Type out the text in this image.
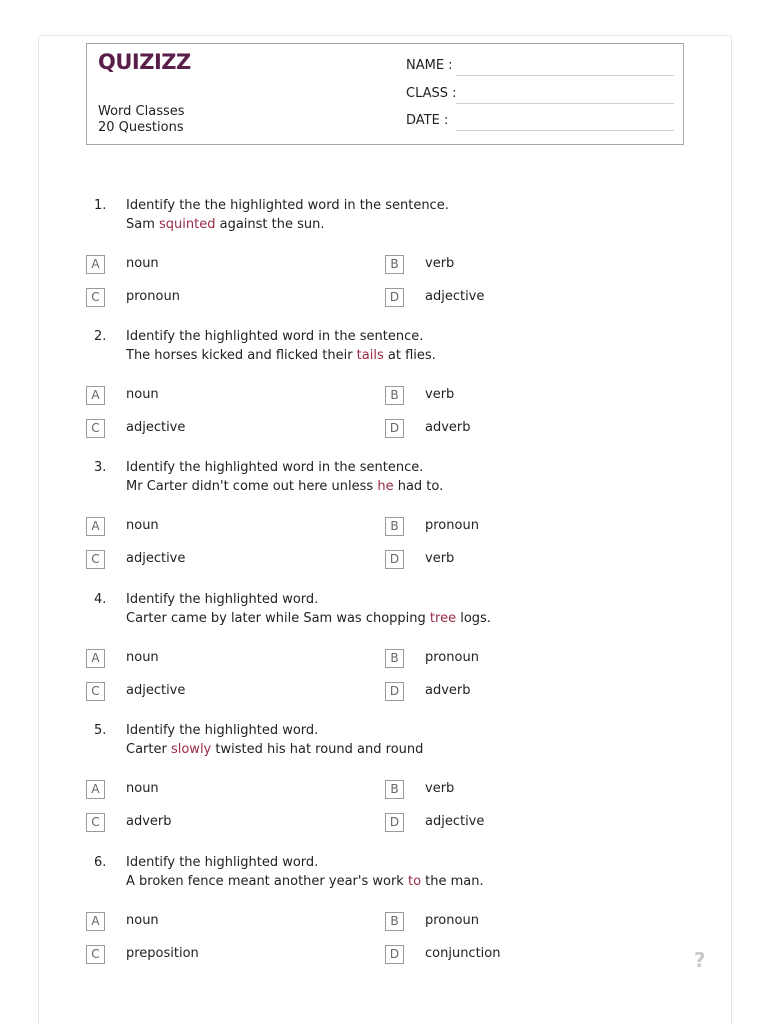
QUIZIZZ
Word Classes
20 Questions
NAME :
CLASS :
DATE :
1. Identify the the highlighted word in the sentence.
Sam squinted against the sun.
A	noun	B	verb
C	pronoun	D	adjective
2. Identify the highlighted word in the sentence.
The horses kicked and flicked their tails at flies.
A	noun	B	verb
C	adjective	D	adverb
3. Identify the highlighted word in the sentence.
Mr Carter didn't come out here unless he had to.
A	noun	B	pronoun
C	adjective	D	verb
4. Identify the highlighted word.
Carter came by later while Sam was chopping tree logs.
A	noun	B	pronoun
C	adjective	D	adverb
5. Identify the highlighted word.
Carter slowly twisted his hat round and round
A	noun	B	verb
C	adverb	D	adjective
6. Identify the highlighted word.
A broken fence meant another year's work to the man.
A	noun	B	pronoun
C	preposition	D	conjunction	?
